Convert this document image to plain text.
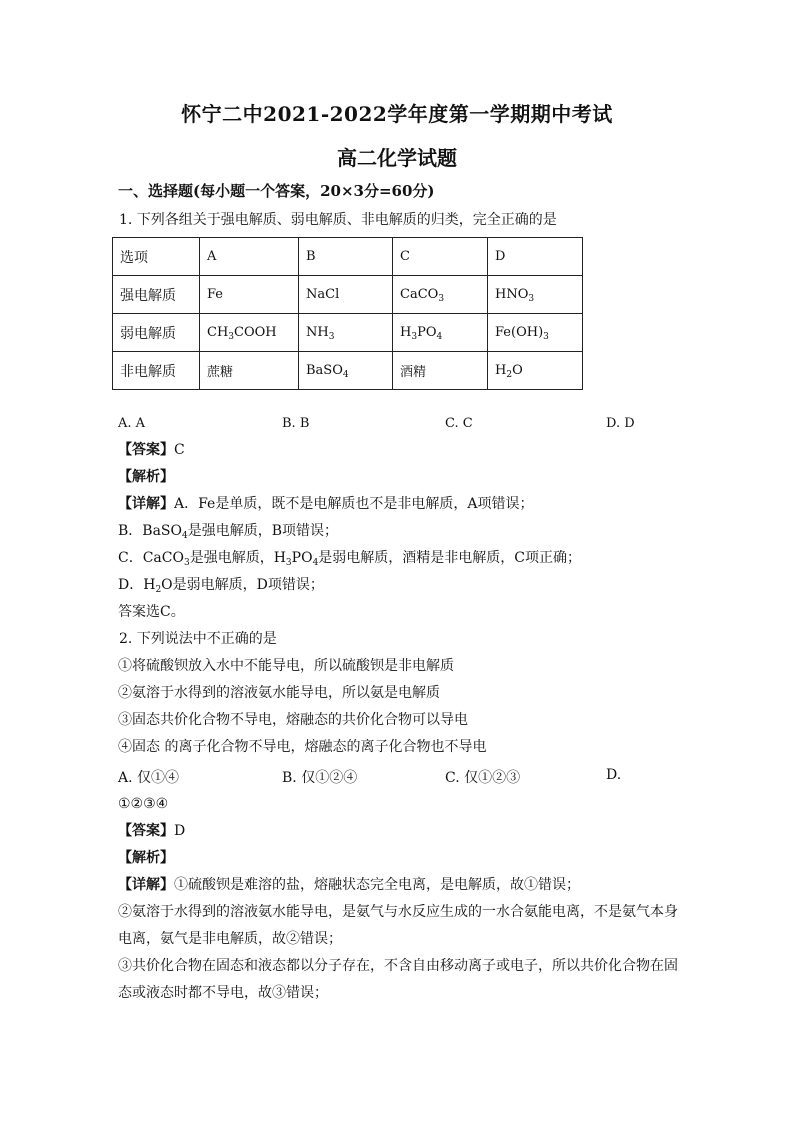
怀宁二中2021-2022学年度第一学期期中考试
高二化学试题
一、选择题(每小题一个答案，20×3分=60分)
1. 下列各组关于强电解质、弱电解质、非电解质的归类，完全正确的是
选项	A	B	C	D
强电解质	Fe	NaCl	CaCO$_3$	$HNO_3$
弱电解质	$CH_3COOH$	$NH_3$	$H_3PO_4$	$Fe(OH)_3$
非电解质	蔗糖	BaSO$_4$	酒精	$H_2O$
A. A	B. B	C. C	D. D
【答案】C
【解析】
【详解】A．Fe是单质，既不是电解质也不是非电解质，A项错误；
B．BaSO$_4$是强电解质，B项错误；
C．CaCO$_3$是强电解质，$H_3PO_4$是弱电解质，酒精是非电解质，C项正确；
D．$H_2O$是弱电解质，D项错误；
答案选C。
2. 下列说法中不正确的是
①将硫酸钡放入水中不能导电，所以硫酸钡是非电解质
②氨溶于水得到的溶液氨水能导电，所以氨是电解质
③固态共价化合物不导电，熔融态的共价化合物可以导电
④固态 的离子化合物不导电，熔融态的离子化合物也不导电
A. 仅①④	B. 仅①②④	C. 仅①②③	D.
①②③④
【答案】D
【解析】
【详解】①硫酸钡是难溶的盐，熔融状态完全电离，是电解质，故①错误；
②氨溶于水得到的溶液氨水能导电，是氨气与水反应生成的一水合氨能电离，不是氨气本身
电离，氨气是非电解质，故②错误；
③共价化合物在固态和液态都以分子存在，不含自由移动离子或电子，所以共价化合物在固
态或液态时都不导电，故③错误；
